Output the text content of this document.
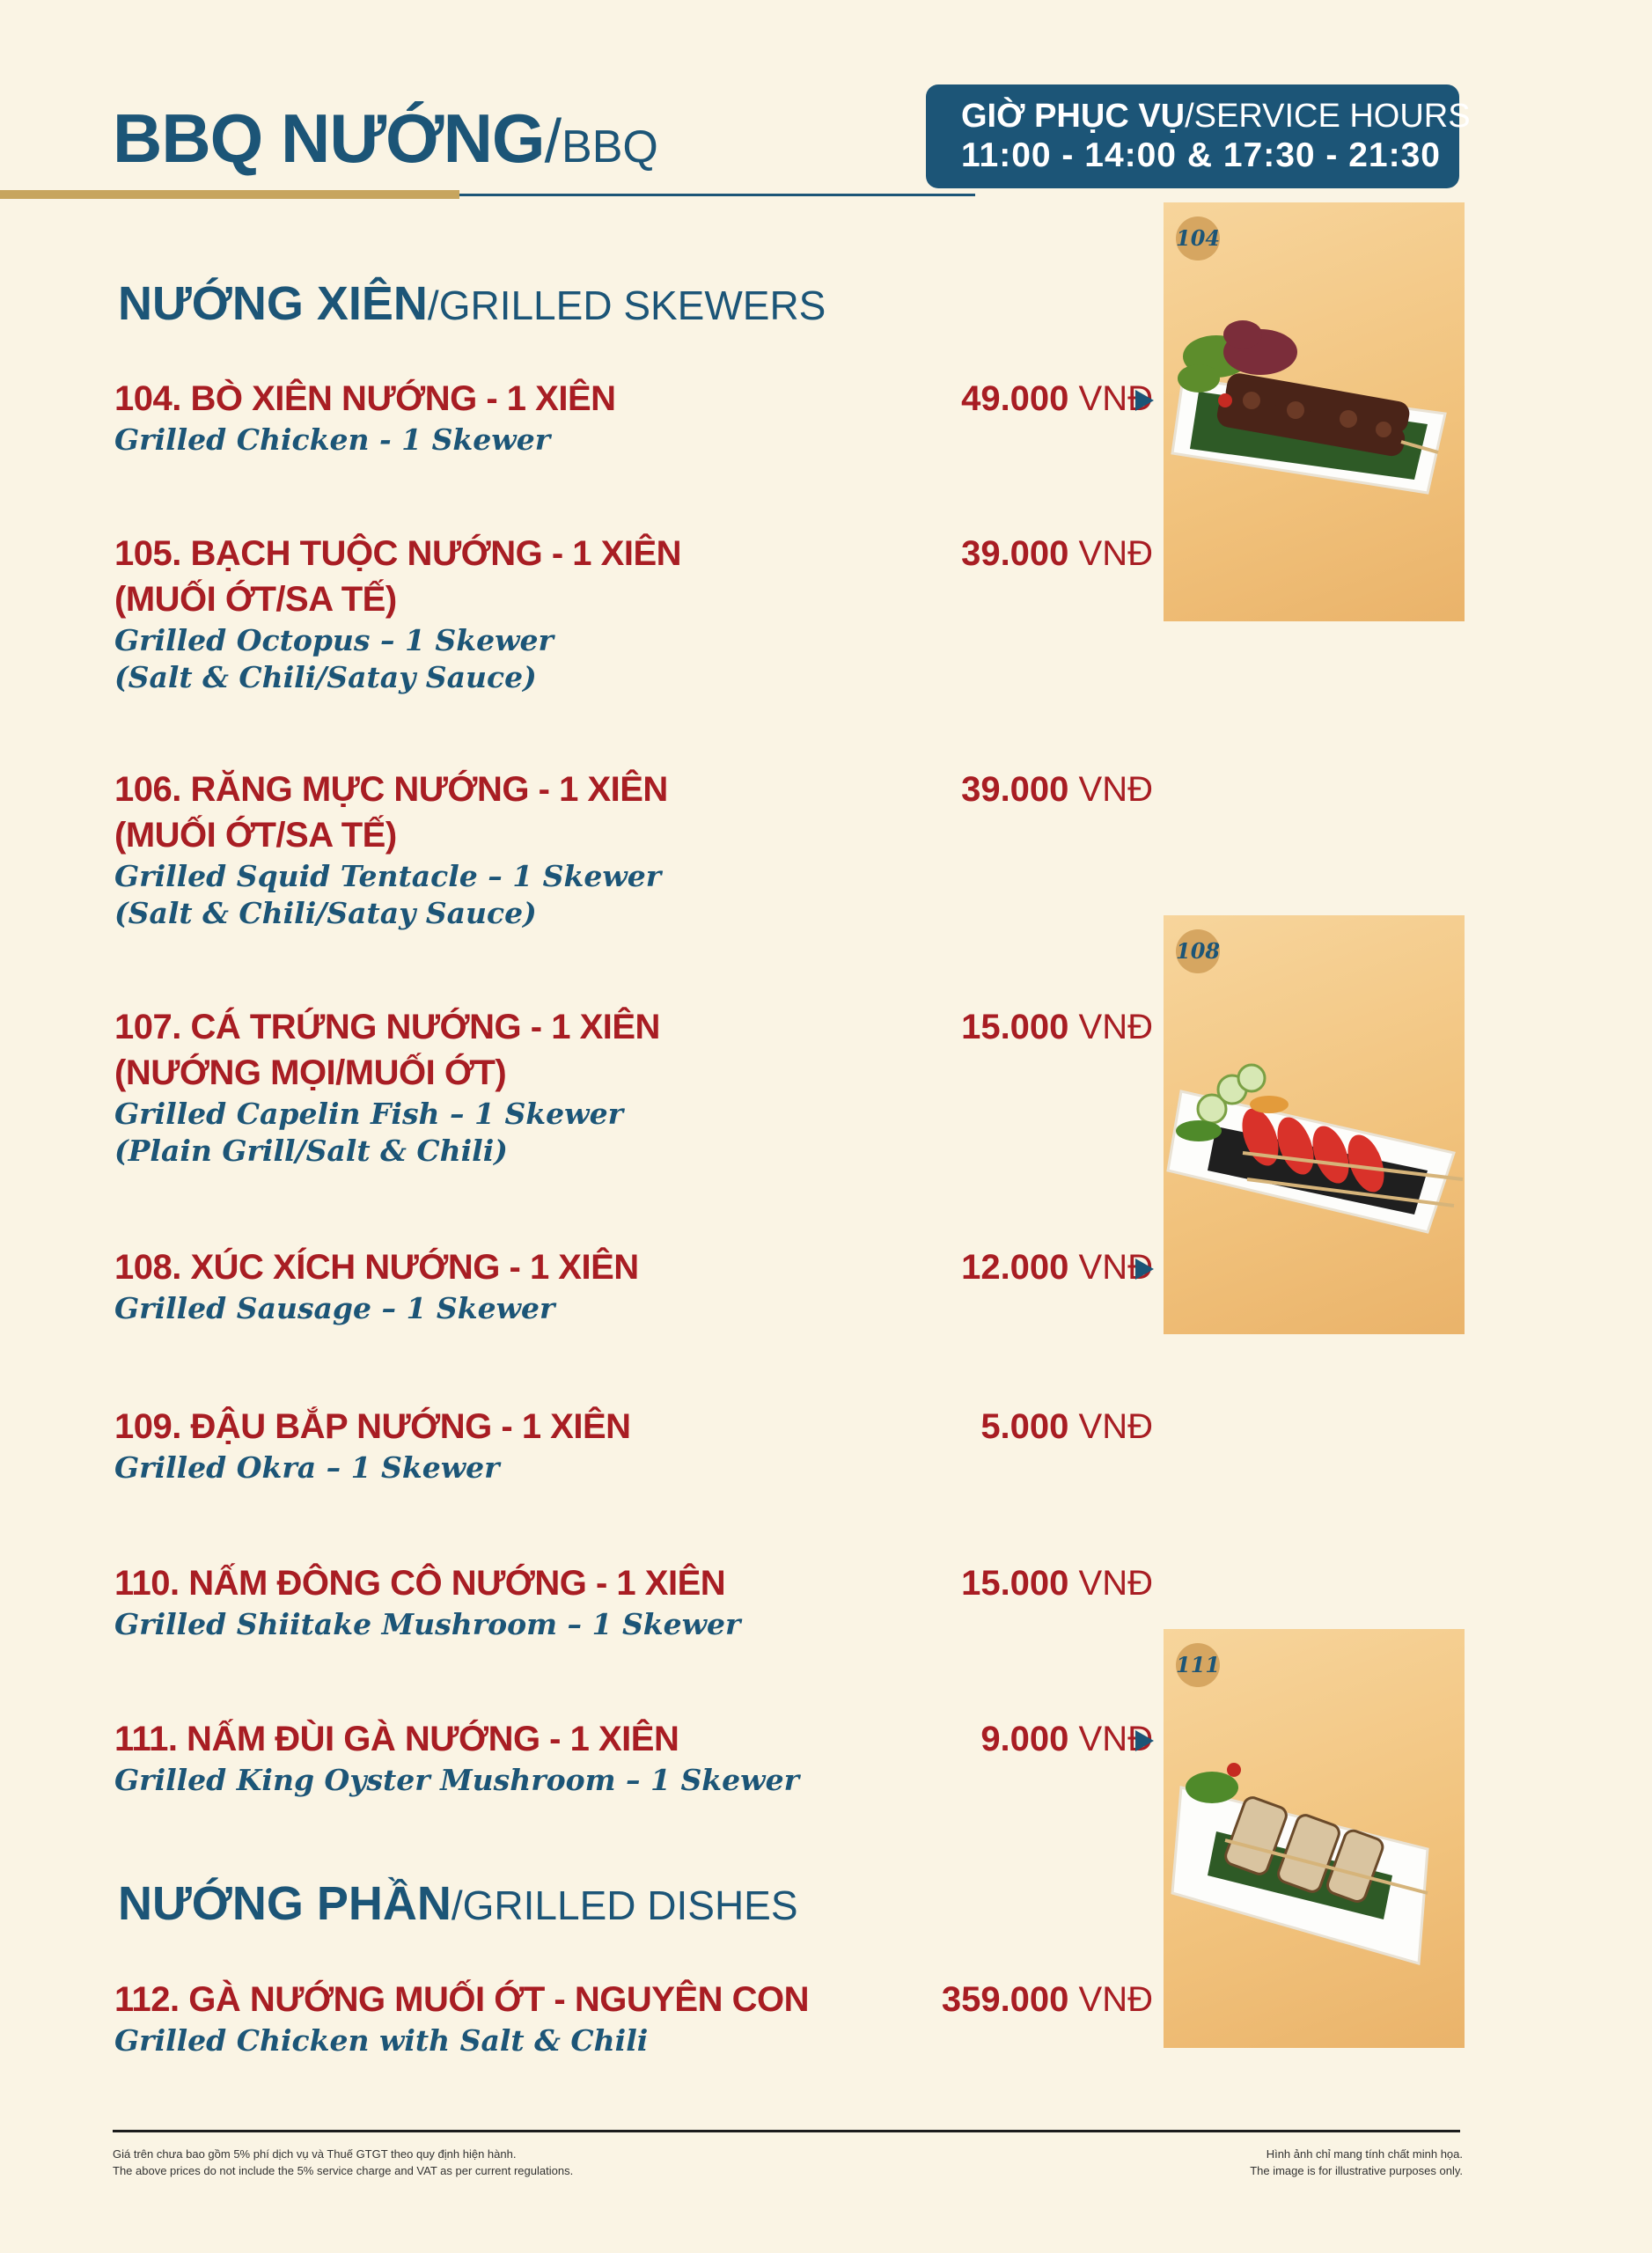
BBQ NƯỚNG/BBQ
GIỜ PHỤC VỤ/SERVICE HOURS
11:00 - 14:00 & 17:30 - 21:30
NƯỚNG XIÊN/GRILLED SKEWERS
104. BÒ XIÊN NƯỚNG - 1 XIÊN
Grilled Chicken - 1 Skewer
49.000 VNĐ
105. BẠCH TUỘC NƯỚNG - 1 XIÊN
(MUỐI ỚT/SA TẾ)
Grilled Octopus – 1 Skewer
(Salt & Chili/Satay Sauce)
39.000 VNĐ
106. RĂNG MỰC NƯỚNG - 1 XIÊN
(MUỐI ỚT/SA TẾ)
Grilled Squid Tentacle – 1 Skewer
(Salt & Chili/Satay Sauce)
39.000 VNĐ
107. CÁ TRỨNG NƯỚNG - 1 XIÊN
(NƯỚNG MỌI/MUỐI ỚT)
Grilled Capelin Fish – 1 Skewer
(Plain Grill/Salt & Chili)
15.000 VNĐ
108. XÚC XÍCH NƯỚNG - 1 XIÊN
Grilled Sausage – 1 Skewer
12.000 VNĐ
109. ĐẬU BẮP NƯỚNG - 1 XIÊN
Grilled Okra – 1 Skewer
5.000 VNĐ
110. NẤM ĐÔNG CÔ NƯỚNG - 1 XIÊN
Grilled Shiitake Mushroom – 1 Skewer
15.000 VNĐ
111. NẤM ĐÙI GÀ NƯỚNG - 1 XIÊN
Grilled King Oyster Mushroom – 1 Skewer
9.000 VNĐ
NƯỚNG PHẦN/GRILLED DISHES
112. GÀ NƯỚNG MUỐI ỚT - NGUYÊN CON
Grilled Chicken with Salt & Chili
359.000 VNĐ
104
108
111
Giá trên chưa bao gồm 5% phí dịch vụ và Thuế GTGT theo quy định hiện hành.
The above prices do not include the 5% service charge and VAT as per current regulations.
Hình ảnh chỉ mang tính chất minh họa.
The image is for illustrative purposes only.
